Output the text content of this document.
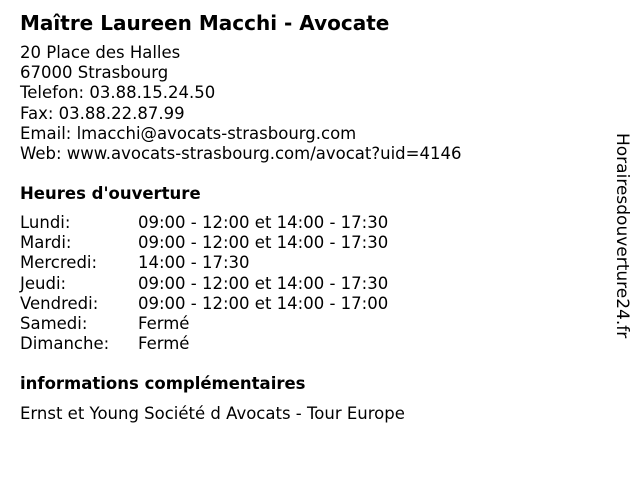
Maître Laureen Macchi - Avocate
20 Place des Halles
67000 Strasbourg
Telefon: 03.88.15.24.50
Fax: 03.88.22.87.99
Email: lmacchi@avocats-strasbourg.com
Web: www.avocats-strasbourg.com/avocat?uid=4146
Heures d'ouverture
Lundi:	09:00 - 12:00 et 14:00 - 17:30
Mardi:	09:00 - 12:00 et 14:00 - 17:30
Mercredi: 14:00 - 17:30
Jeudi:	09:00 - 12:00 et 14:00 - 17:30
Vendredi: 09:00 - 12:00 et 14:00 - 17:00
Samedi:	Fermé
Dimanche: Fermé
informations complémentaires
Ernst et Young Société d Avocats - Tour Europe
Horairesdouverture24.fr
